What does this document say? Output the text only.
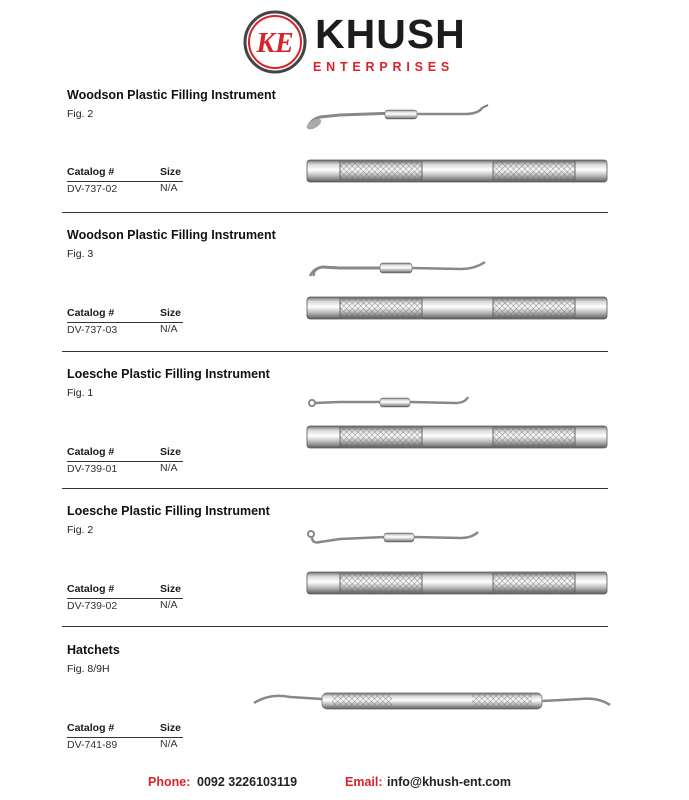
KE KHUSH
ENTERPRISES
Woodson Plastic Filling Instrument
Fig. 2
Catalog #	Size
DV-737-02	N/A
Woodson Plastic Filling Instrument
Fig. 3
Catalog #	Size
DV-737-03	N/A
Loesche Plastic Filling Instrument
Fig. 1
Catalog #	Size
DV-739-01	N/A
Loesche Plastic Filling Instrument
Fig. 2
Catalog #	Size
DV-739-02	N/A
Hatchets
Fig. 8/9H
Catalog #	Size
DV-741-89	N/A
Phone: 0092 3226103119	Email: info@khush-ent.com
